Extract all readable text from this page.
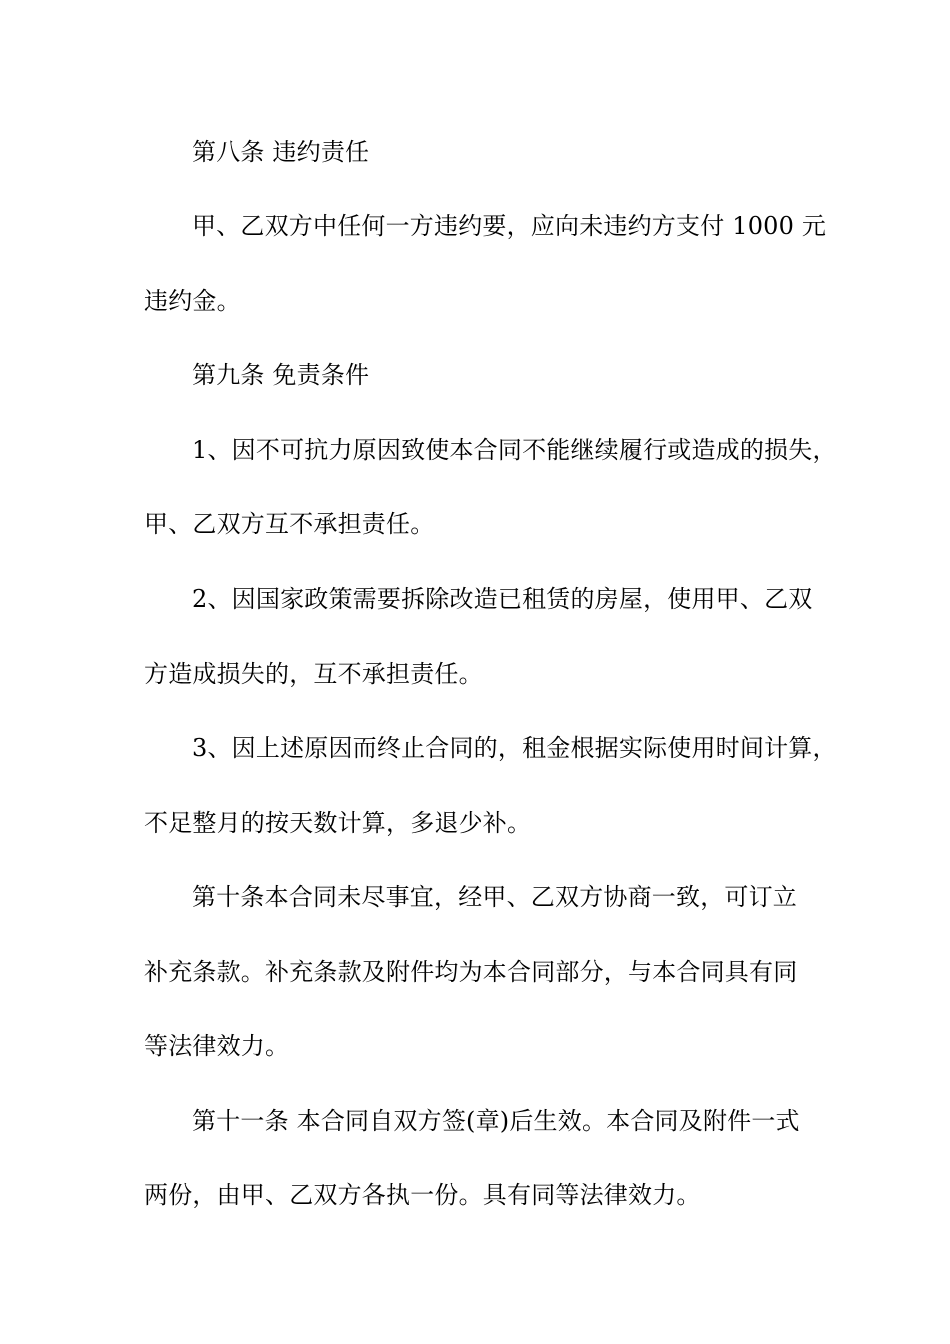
第八条 违约责任
甲、乙双方中任何一方违约要，应向未违约方支付 1000 元
违约金。
第九条 免责条件
1、因不可抗力原因致使本合同不能继续履行或造成的损失，
甲、乙双方互不承担责任。
2、因国家政策需要拆除改造已租赁的房屋，使用甲、乙双
方造成损失的，互不承担责任。
3、因上述原因而终止合同的，租金根据实际使用时间计算，
不足整月的按天数计算，多退少补。
第十条本合同未尽事宜，经甲、乙双方协商一致，可订立
补充条款。补充条款及附件均为本合同部分，与本合同具有同
等法律效力。
第十一条 本合同自双方签(章)后生效。本合同及附件一式
两份，由甲、乙双方各执一份。具有同等法律效力。
